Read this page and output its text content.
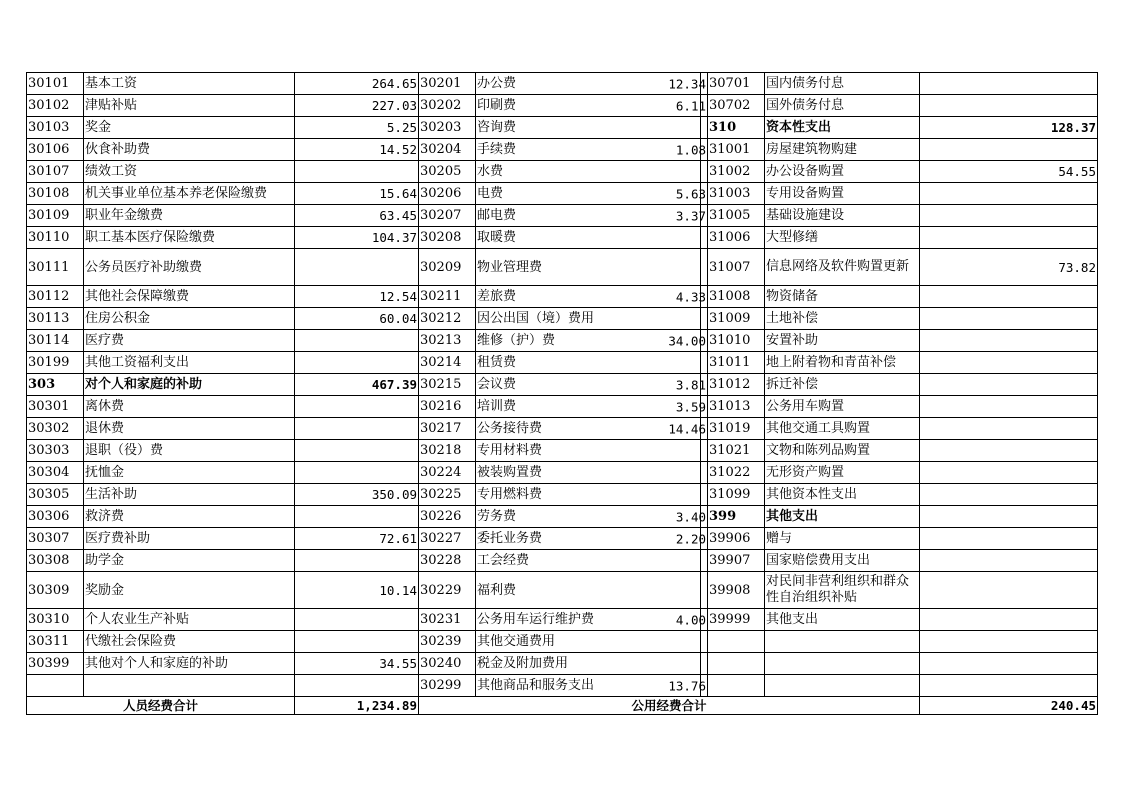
30101	基本工资	264.65	30201	办公费 12.34	30701	国内债务付息	
30102	津贴补贴	227.03	30202	印刷费 6.11	30702	国外债务付息	
30103	奖金	5.25	30203	咨询费	310	资本性支出	128.37
30106	伙食补助费	14.52	30204	手续费 1.08	31001	房屋建筑物购建	
30107	绩效工资		30205	水费	31002	办公设备购置	54.55
30108	机关事业单位基本养老保险缴费	15.64	30206	电费 5.63	31003	专用设备购置	
30109	职业年金缴费	63.45	30207	邮电费 3.37	31005	基础设施建设	
30110	职工基本医疗保险缴费	104.37	30208	取暖费	31006	大型修缮	
30111	公务员医疗补助缴费		30209	物业管理费	31007	信息网络及软件购置更新	73.82
30112	其他社会保障缴费	12.54	30211	差旅费 4.33	31008	物资储备	
30113	住房公积金	60.04	30212	因公出国（境）费用	31009	土地补偿	
30114	医疗费		30213	维修（护）费 34.00	31010	安置补助	
30199	其他工资福利支出		30214	租赁费	31011	地上附着物和青苗补偿	
303	对个人和家庭的补助	467.39	30215	会议费 3.81	31012	拆迁补偿	
30301	离休费		30216	培训费 3.59	31013	公务用车购置	
30302	退休费		30217	公务接待费 14.46	31019	其他交通工具购置	
30303	退职（役）费		30218	专用材料费	31021	文物和陈列品购置	
30304	抚恤金		30224	被装购置费	31022	无形资产购置	
30305	生活补助	350.09	30225	专用燃料费	31099	其他资本性支出	
30306	救济费		30226	劳务费 3.40	399	其他支出	
30307	医疗费补助	72.61	30227	委托业务费 2.20	39906	赠与	
30308	助学金		30228	工会经费	39907	国家赔偿费用支出	
30309	奖励金	10.14	30229	福利费	39908	对民间非营利组织和群众性自治组织补贴	
30310	个人农业生产补贴		30231	公务用车运行维护费 4.00	39999	其他支出	
30311	代缴社会保险费		30239	其他交通费用

30399	其他对个人和家庭的补助	34.55	30240	税金及附加费用

			30299	其他商品和服务支出 13.76			

人员经费合计		1,234.89	公用经费合计				240.45
